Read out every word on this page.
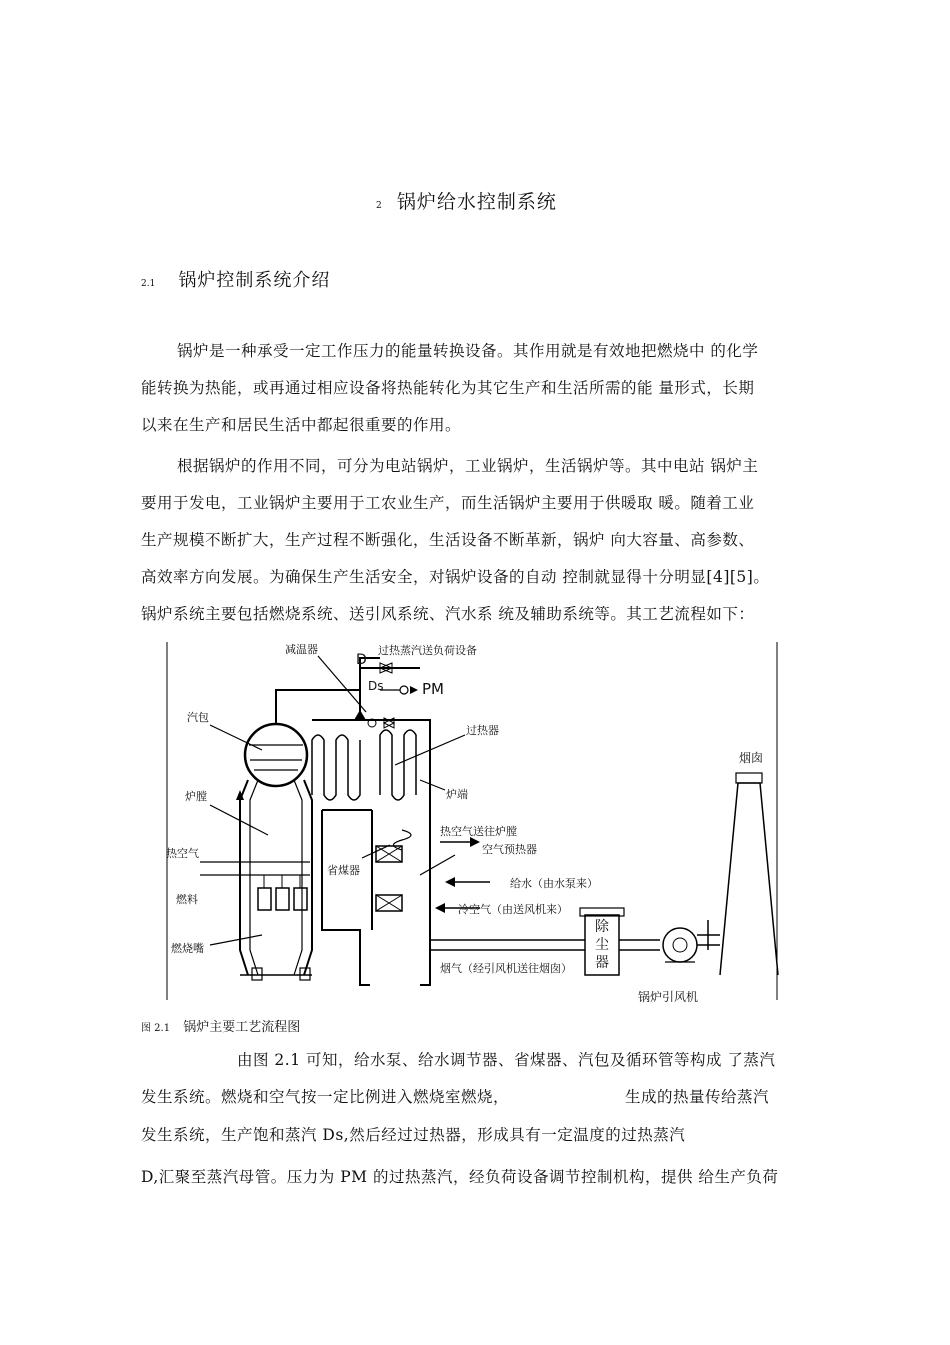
2 锅炉给水控制系统
2.1 锅炉控制系统介绍
锅炉是一种承受一定工作压力的能量转换设备。其作用就是有效地把燃烧中 的化学
能转换为热能，或再通过相应设备将热能转化为其它生产和生活所需的能 量形式，长期
以来在生产和居民生活中都起很重要的作用。
根据锅炉的作用不同，可分为电站锅炉，工业锅炉，生活锅炉等。其中电站 锅炉主
要用于发电，工业锅炉主要用于工农业生产，而生活锅炉主要用于供暖取 暖。随着工业
生产规模不断扩大，生产过程不断强化，生活设备不断革新，锅炉 向大容量、高参数、
高效率方向发展。为确保生产生活安全，对锅炉设备的自动 控制就显得十分明显[4][5]。
锅炉系统主要包括燃烧系统、送引风系统、汽水系 统及辅助系统等。其工艺流程如下：
减温器	过热蒸汽送负荷设备
D
Ds	PM
汽包
过热器
炉膛	炉端
烟囱
热空气送往炉膛
空气预热器
热空气
燃料
省煤器
给水（由水泵来）
冷空气（由送风机来）
燃烧嘴
烟气（经引风机送往烟囱）
锅炉引风机
除尘器
图 2.1 锅炉主要工艺流程图
由图 2.1 可知，给水泵、给水调节器、省煤器、汽包及循环管等构成 了蒸汽
发生系统。燃烧和空气按一定比例进入燃烧室燃烧，	生成的热量传给蒸汽
发生系统，生产饱和蒸汽 Ds,然后经过过热器，形成具有一定温度的过热蒸汽
D,汇聚至蒸汽母管。压力为 PM 的过热蒸汽，经负荷设备调节控制机构，提供 给生产负荷
